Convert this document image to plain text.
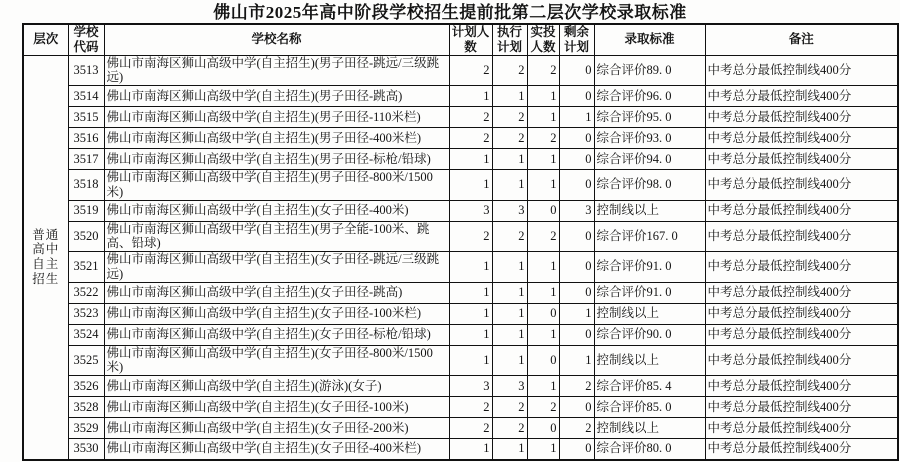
佛山市2025年高中阶段学校招生提前批第二层次学校录取标准
层次	学校代码	学校名称	计划人数	执行计划	实投人数	剩余计划	录取标准	备注
普通高中自主招生	3513	佛山市南海区狮山高级中学(自主招生)(男子田径-跳远/三级跳远)	2	2	2	0	综合评价89. 0	中考总分最低控制线400分
	3514	佛山市南海区狮山高级中学(自主招生)(男子田径-跳高)	1	1	1	0	综合评价96. 0	中考总分最低控制线400分
	3515	佛山市南海区狮山高级中学(自主招生)(男子田径-110米栏)	2	2	1	1	综合评价95. 0	中考总分最低控制线400分
	3516	佛山市南海区狮山高级中学(自主招生)(男子田径-400米栏)	2	2	2	0	综合评价93. 0	中考总分最低控制线400分
	3517	佛山市南海区狮山高级中学(自主招生)(男子田径-标枪/铅球)	1	1	1	0	综合评价94. 0	中考总分最低控制线400分
	3518	佛山市南海区狮山高级中学(自主招生)(男子田径-800米/1500米)	1	1	1	0	综合评价98. 0	中考总分最低控制线400分
	3519	佛山市南海区狮山高级中学(自主招生)(女子田径-400米)	3	3	0	3	控制线以上	中考总分最低控制线400分
	3520	佛山市南海区狮山高级中学(自主招生)(男子全能-100米、跳高、铅球)	2	2	2	0	综合评价167. 0	中考总分最低控制线400分
	3521	佛山市南海区狮山高级中学(自主招生)(女子田径-跳远/三级跳远)	1	1	1	0	综合评价91. 0	中考总分最低控制线400分
	3522	佛山市南海区狮山高级中学(自主招生)(女子田径-跳高)	1	1	1	0	综合评价91. 0	中考总分最低控制线400分
	3523	佛山市南海区狮山高级中学(自主招生)(女子田径-100米栏)	1	1	0	1	控制线以上	中考总分最低控制线400分
	3524	佛山市南海区狮山高级中学(自主招生)(女子田径-标枪/铅球)	1	1	1	0	综合评价90. 0	中考总分最低控制线400分
	3525	佛山市南海区狮山高级中学(自主招生)(女子田径-800米/1500米)	1	1	0	1	控制线以上	中考总分最低控制线400分
	3526	佛山市南海区狮山高级中学(自主招生)(游泳)(女子)	3	3	1	2	综合评价85. 4	中考总分最低控制线400分
	3528	佛山市南海区狮山高级中学(自主招生)(女子田径-100米)	2	2	2	0	综合评价85. 0	中考总分最低控制线400分
	3529	佛山市南海区狮山高级中学(自主招生)(女子田径-200米)	2	2	0	2	控制线以上	中考总分最低控制线400分
	3530	佛山市南海区狮山高级中学(自主招生)(女子田径-400米栏)	1	1	1	0	综合评价80. 0	中考总分最低控制线400分
